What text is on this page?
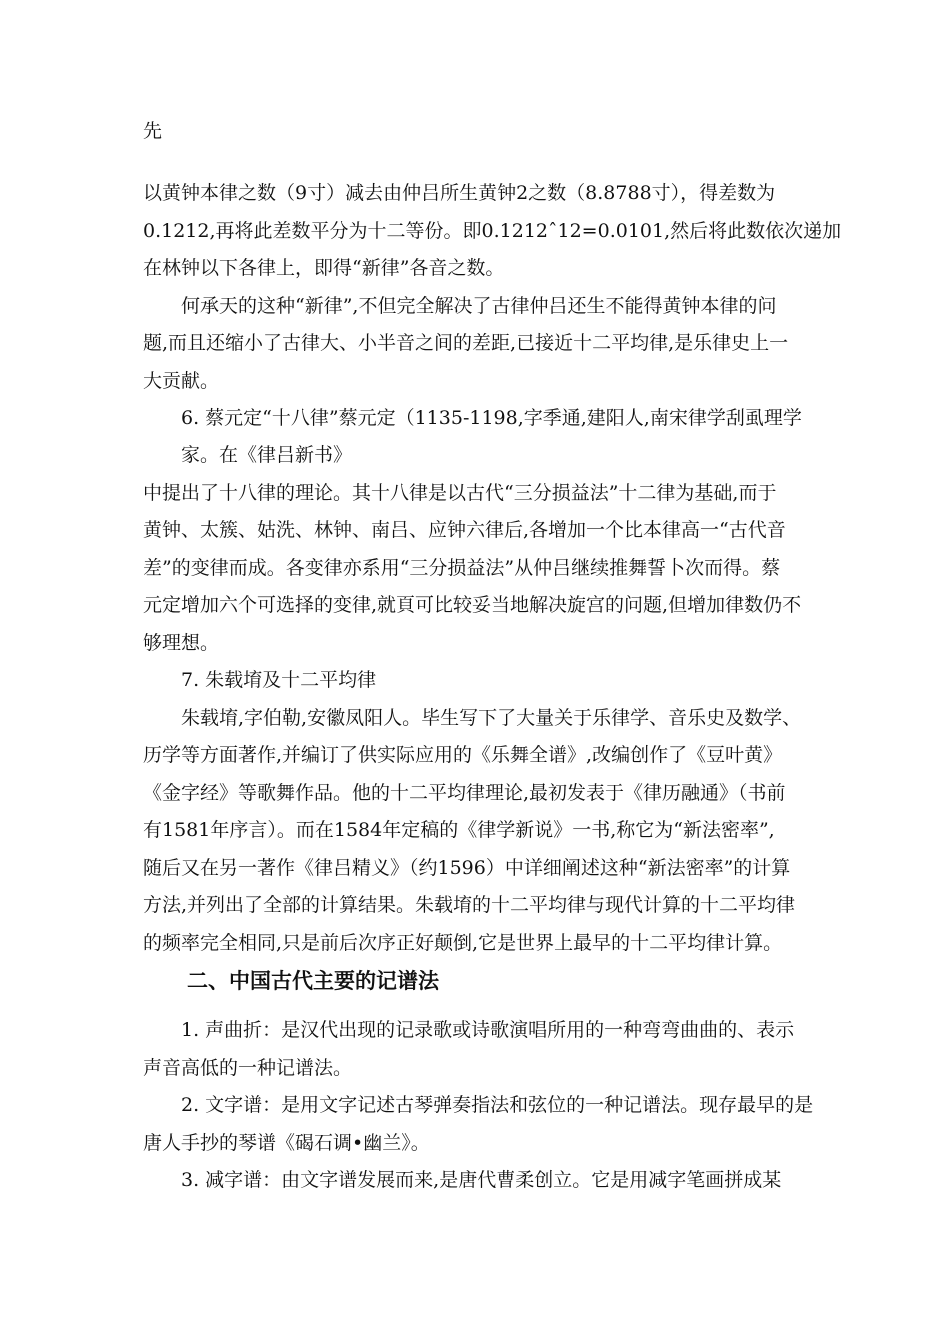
先
以黄钟本律之数（9寸）减去由仲吕所生黄钟2之数（8.8788寸），得差数为
0.1212,再将此差数平分为十二等份。即0.1212ˆ12=0.0101,然后将此数依次递加
在林钟以下各律上，即得“新律”各音之数。
何承天的这种“新律”,不但完全解决了古律仲吕还生不能得黄钟本律的问
题,而且还缩小了古律大、小半音之间的差距,已接近十二平均律,是乐律史上一
大贡献。
6. 蔡元定“十八律”蔡元定（1135-1198,字季通,建阳人,南宋律学刮虱理学
家。在《律吕新书》
中提出了十八律的理论。其十八律是以古代“三分损益法”十二律为基础,而于
黄钟、太簇、姑洗、林钟、南吕、应钟六律后,各增加一个比本律高一“古代音
差”的变律而成。各变律亦系用“三分损益法”从仲吕继续推舞誓卜次而得。蔡
元定增加六个可选择的变律,就頁可比较妥当地解决旋宫的问题,但增加律数仍不
够理想。
7. 朱载堉及十二平均律
朱载堉,字伯勒,安徽凤阳人。毕生写下了大量关于乐律学、音乐史及数学、
历学等方面著作,并编订了供实际应用的《乐舞全谱》,改编创作了《豆叶黄》
《金字经》等歌舞作品。他的十二平均律理论,最初发表于《律历融通》（书前
有1581年序言）。而在1584年定稿的《律学新说》一书,称它为“新法密率”,
随后又在另一著作《律吕精义》（约1596）中详细阐述这种“新法密率”的计算
方法,并列出了全部的计算结果。朱载堉的十二平均律与现代计算的十二平均律
的频率完全相同,只是前后次序正好颠倒,它是世界上最早的十二平均律计算。
二、中国古代主要的记谱法
1. 声曲折：是汉代出现的记录歌或诗歌演唱所用的一种弯弯曲曲的、表示
声音高低的一种记谱法。
2. 文字谱：是用文字记述古琴弹奏指法和弦位的一种记谱法。现存最早的是
唐人手抄的琴谱《碣石调•幽兰》。
3. 减字谱：由文字谱发展而来,是唐代曹柔创立。它是用减字笔画拼成某
